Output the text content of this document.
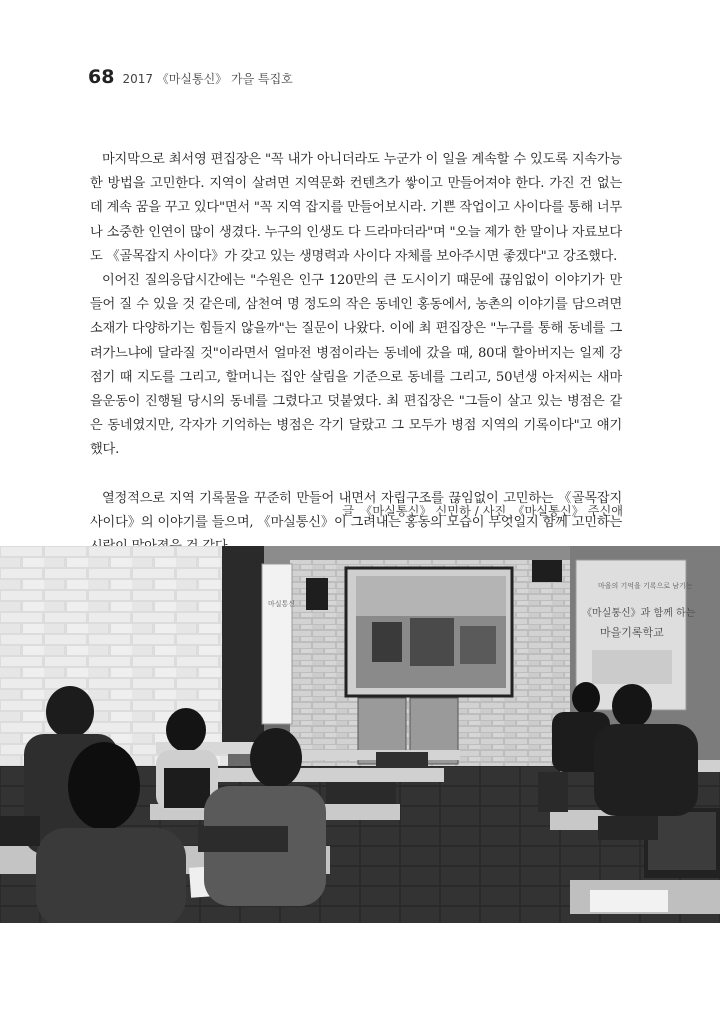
68 2017 《마실통신》 가을 특집호

마지막으로 최서영 편집장은 "꼭 내가 아니더라도 누군가 이 일을 계속할 수 있도록 지속가능한 방법을 고민한다. 지역이 살려면 지역문화 컨텐츠가 쌓이고 만들어져야 한다. 가진 건 없는데 계속 꿈을 꾸고 있다"면서 "꼭 지역 잡지를 만들어보시라. 기쁜 작업이고 사이다를 통해 너무나 소중한 인연이 많이 생겼다. 누구의 인생도 다 드라마더라"며 "오늘 제가 한 말이나 자료보다도 《골목잡지 사이다》가 갖고 있는 생명력과 사이다 자체를 보아주시면 좋겠다"고 강조했다.

이어진 질의응답시간에는 "수원은 인구 120만의 큰 도시이기 때문에 끊임없이 이야기가 만들어 질 수 있을 것 같은데, 삼천여 명 정도의 작은 동네인 홍동에서, 농촌의 이야기를 담으려면 소재가 다양하기는 힘들지 않을까"는 질문이 나왔다. 이에 최 편집장은 "누구를 통해 동네를 그려가느냐에 달라질 것"이라면서 얼마전 병점이라는 동네에 갔을 때, 80대 할아버지는 일제 강점기 때 지도를 그리고, 할머니는 집안 살림을 기준으로 동네를 그리고, 50년생 아저씨는 새마을운동이 진행될 당시의 동네를 그렸다고 덧붙였다. 최 편집장은 "그들이 살고 있는 병점은 같은 동네였지만, 각자가 기억하는 병점은 각기 달랐고 그 모두가 병점 지역의 기록이다"고 얘기했다.

열정적으로 지역 기록물을 꾸준히 만들어 내면서 자립구조를 끊임없이 고민하는 《골목잡지 사이다》의 이야기를 들으며, 《마실통신》이 그려내는 홍동의 모습이 무엇일지 함께 고민하는

글_《마실통신》 신민하 / 사진_《마실통신》 주신애
마실통신
마을의 기억을 기록으로 남기는
《마실통신》과 함께 하는
마을기록학교
